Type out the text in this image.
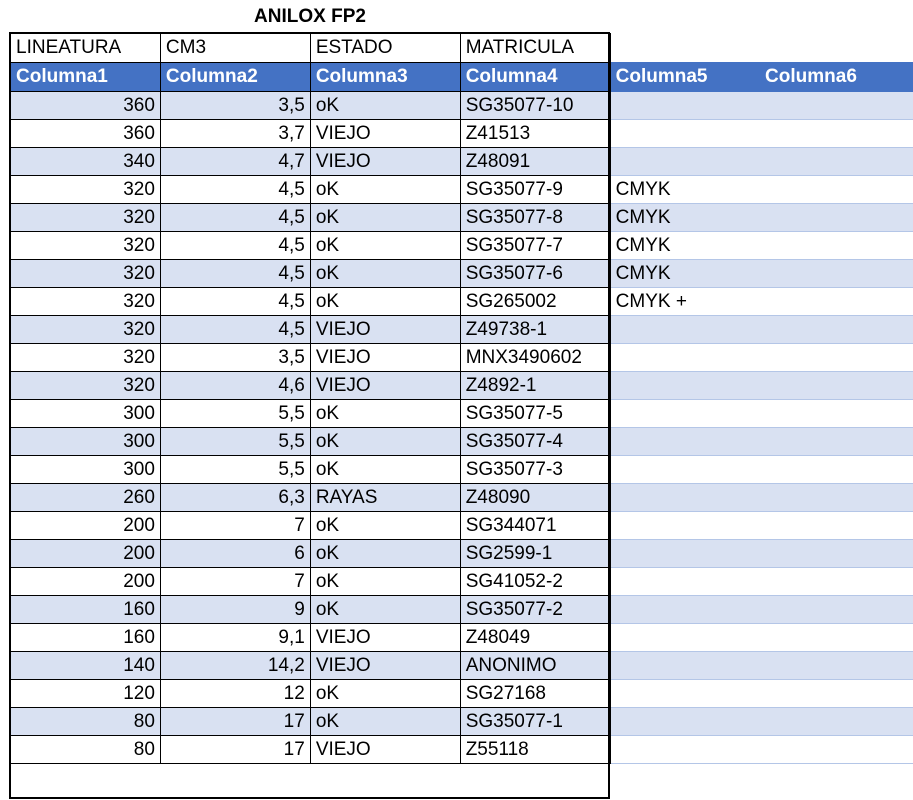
ANILOX FP2
LINEATURA	CM3	ESTADO	MATRICULA		
Columna1	Columna2	Columna3	Columna4	Columna5	Columna6
360	3,5	oK	SG35077-10		
360	3,7	VIEJO	Z41513		
340	4,7	VIEJO	Z48091		
320	4,5	oK	SG35077-9	CMYK	
320	4,5	oK	SG35077-8	CMYK	
320	4,5	oK	SG35077-7	CMYK	
320	4,5	oK	SG35077-6	CMYK	
320	4,5	oK	SG265002	CMYK +	
320	4,5	VIEJO	Z49738-1		
320	3,5	VIEJO	MNX3490602		
320	4,6	VIEJO	Z4892-1		
300	5,5	oK	SG35077-5		
300	5,5	oK	SG35077-4		
300	5,5	oK	SG35077-3		
260	6,3	RAYAS	Z48090		
200	7	oK	SG344071		
200	6	oK	SG2599-1		
200	7	oK	SG41052-2		
160	9	oK	SG35077-2		
160	9,1	VIEJO	Z48049		
140	14,2	VIEJO	ANONIMO		
120	12	oK	SG27168		
80	17	oK	SG35077-1		
80	17	VIEJO	Z55118		
